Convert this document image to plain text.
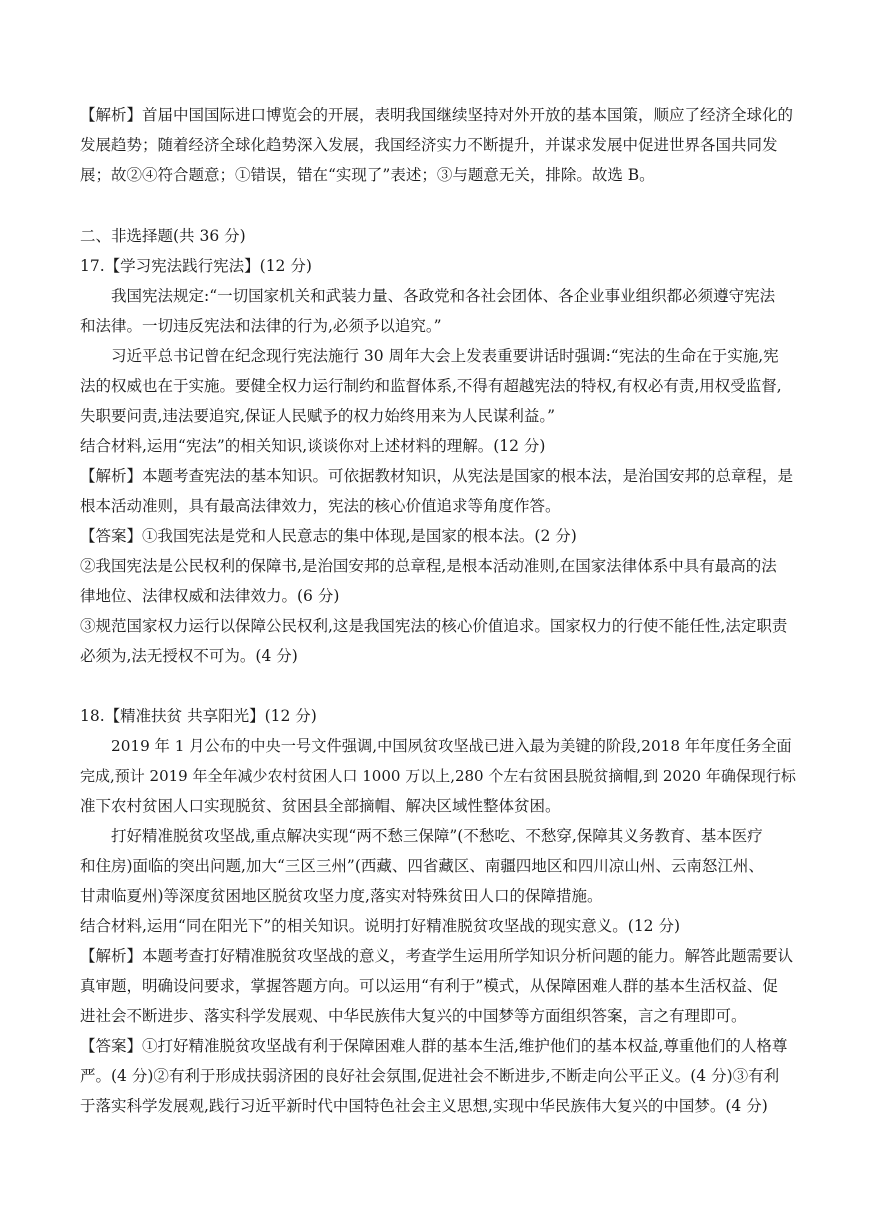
【解析】首届中国国际进口博览会的开展，表明我国继续坚持对外开放的基本国策，顺应了经济全球化的
发展趋势；随着经济全球化趋势深入发展，我国经济实力不断提升，并谋求发展中促进世界各国共同发
展；故②④符合题意；①错误，错在“实现了”表述；③与题意无关，排除。故选 B。
二、非选择题(共 36 分)
17.【学习宪法践行宪法】(12 分)
我国宪法规定:“一切国家机关和武装力量、各政党和各社会团体、各企业事业组织都必须遵守宪法
和法律。一切违反宪法和法律的行为,必须予以追究。”
习近平总书记曾在纪念现行宪法施行 30 周年大会上发表重要讲话时强调:“宪法的生命在于实施,宪
法的权威也在于实施。要健全权力运行制约和监督体系,不得有超越宪法的特权,有权必有责,用权受监督,
失职要问责,违法要追究,保证人民赋予的权力始终用来为人民谋利益。”
结合材料,运用“宪法”的相关知识,谈谈你对上述材料的理解。(12 分)
【解析】本题考查宪法的基本知识。可依据教材知识，从宪法是国家的根本法，是治国安邦的总章程，是
根本活动准则，具有最高法律效力，宪法的核心价值追求等角度作答。
【答案】①我国宪法是党和人民意志的集中体现,是国家的根本法。(2 分)
②我国宪法是公民权利的保障书,是治国安邦的总章程,是根本活动准则,在国家法律体系中具有最高的法
律地位、法律权威和法律效力。(6 分)
③规范国家权力运行以保障公民权利,这是我国宪法的核心价值追求。国家权力的行使不能任性,法定职责
必须为,法无授权不可为。(4 分)
18.【精准扶贫 共享阳光】(12 分)
2019 年 1 月公布的中央一号文件强调,中国夙贫攻坚战已进入最为美键的阶段,2018 年年度任务全面
完成,预计 2019 年全年减少农村贫困人口 1000 万以上,280 个左右贫困县脱贫摘帽,到 2020 年确保现行标
准下农村贫困人口实现脱贫、贫困县全部摘帽、解决区域性整体贫困。
打好精准脱贫攻坚战,重点解决实现“两不愁三保障”(不愁吃、不愁穿,保障其义务教育、基本医疗
和住房)面临的突出问题,加大“三区三州”(西藏、四省藏区、南疆四地区和四川凉山州、云南怒江州、
甘肃临夏州)等深度贫困地区脱贫攻坚力度,落实对特殊贫田人口的保障措施。
结合材料,运用“同在阳光下”的相关知识。说明打好精准脱贫攻坚战的现实意义。(12 分)
【解析】本题考查打好精准脱贫攻坚战的意义，考查学生运用所学知识分析问题的能力。解答此题需要认
真审题，明确设问要求，掌握答题方向。可以运用“有利于”模式，从保障困难人群的基本生活权益、促
进社会不断进步、落实科学发展观、中华民族伟大复兴的中国梦等方面组织答案，言之有理即可。
【答案】①打好精准脱贫攻坚战有利于保障困难人群的基本生活,维护他们的基本权益,尊重他们的人格尊
严。(4 分)②有利于形成扶弱济困的良好社会氛围,促进社会不断进步,不断走向公平正义。(4 分)③有利
于落实科学发展观,践行习近平新时代中国特色社会主义思想,实现中华民族伟大复兴的中国梦。(4 分)
